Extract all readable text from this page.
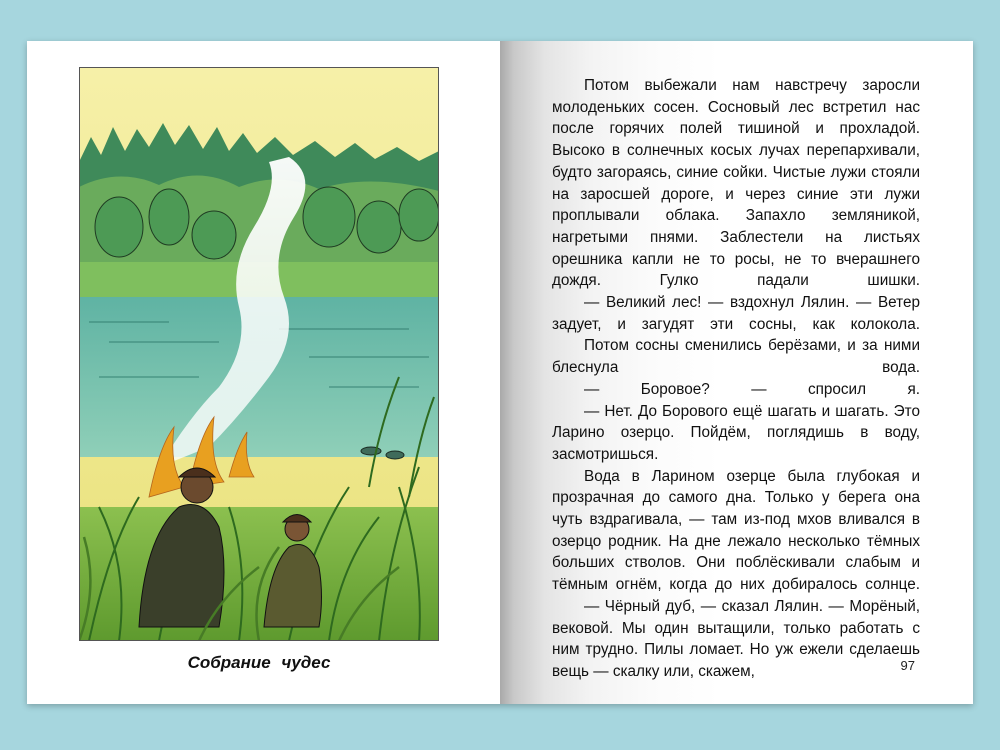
Собрание чудес

Потом выбежали нам навстречу заросли молоденьких сосен. Сосновый лес встретил нас после горячих полей тишиной и прохладой. Высоко в солнечных косых лучах перепархивали, будто загораясь, синие сойки. Чистые лужи стояли на заросшей дороге, и через синие эти лужи проплывали облака. Запахло земляникой, нагретыми пнями. Заблестели на листьях орешника капли не то росы, не то вчерашнего дождя. Гулко падали шишки.

— Великий лес! — вздохнул Лялин. — Ветер задует, и загудят эти сосны, как колокола.

Потом сосны сменились берёзами, и за ними блеснула вода.

— Боровое? — спросил я.

— Нет. До Борового ещё шагать и шагать. Это Ларино озерцо. Пойдём, поглядишь в воду, засмотришься.

Вода в Ларином озерце была глубокая и прозрачная до самого дна. Только у берега она чуть вздрагивала, — там из-под мхов вливался в озерцо родник. На дне лежало несколько тёмных больших стволов. Они поблёскивали слабым и тёмным огнём, когда до них добиралось солнце.

— Чёрный дуб, — сказал Лялин. — Морёный, вековой. Мы один вытащили, только работать с ним трудно. Пилы ломает. Но уж ежели сделаешь вещь — скалку или, скажем,	97
